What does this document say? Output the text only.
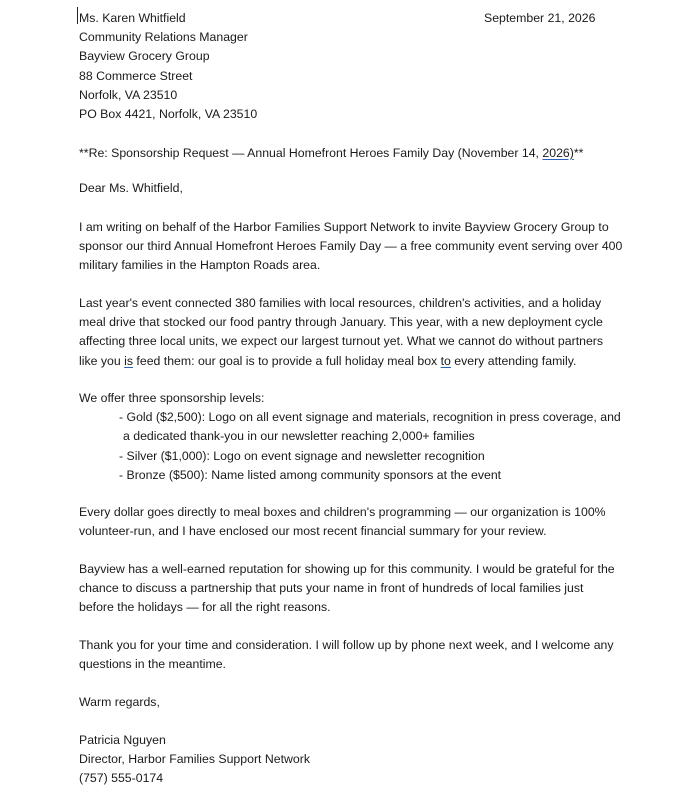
September 21, 2026
Ms. Karen Whitfield
Community Relations Manager
Bayview Grocery Group
88 Commerce Street
Norfolk, VA 23510
PO Box 4421, Norfolk, VA 23510
**Re: Sponsorship Request — Annual Homefront Heroes Family Day (November 14, 2026)**
Dear Ms. Whitfield,
I am writing on behalf of the Harbor Families Support Network to invite Bayview Grocery Group to
sponsor our third Annual Homefront Heroes Family Day — a free community event serving over 400
military families in the Hampton Roads area.
Last year's event connected 380 families with local resources, children's activities, and a holiday
meal drive that stocked our food pantry through January. This year, with a new deployment cycle
affecting three local units, we expect our largest turnout yet. What we cannot do without partners
like you is feed them: our goal is to provide a full holiday meal box to every attending family.
We offer three sponsorship levels:
- Gold ($2,500): Logo on all event signage and materials, recognition in press coverage, and
a dedicated thank-you in our newsletter reaching 2,000+ families
- Silver ($1,000): Logo on event signage and newsletter recognition
- Bronze ($500): Name listed among community sponsors at the event
Every dollar goes directly to meal boxes and children's programming — our organization is 100%
volunteer-run, and I have enclosed our most recent financial summary for your review.
Bayview has a well-earned reputation for showing up for this community. I would be grateful for the
chance to discuss a partnership that puts your name in front of hundreds of local families just
before the holidays — for all the right reasons.
Thank you for your time and consideration. I will follow up by phone next week, and I welcome any
questions in the meantime.
Warm regards,
Patricia Nguyen
Director, Harbor Families Support Network
(757) 555-0174
